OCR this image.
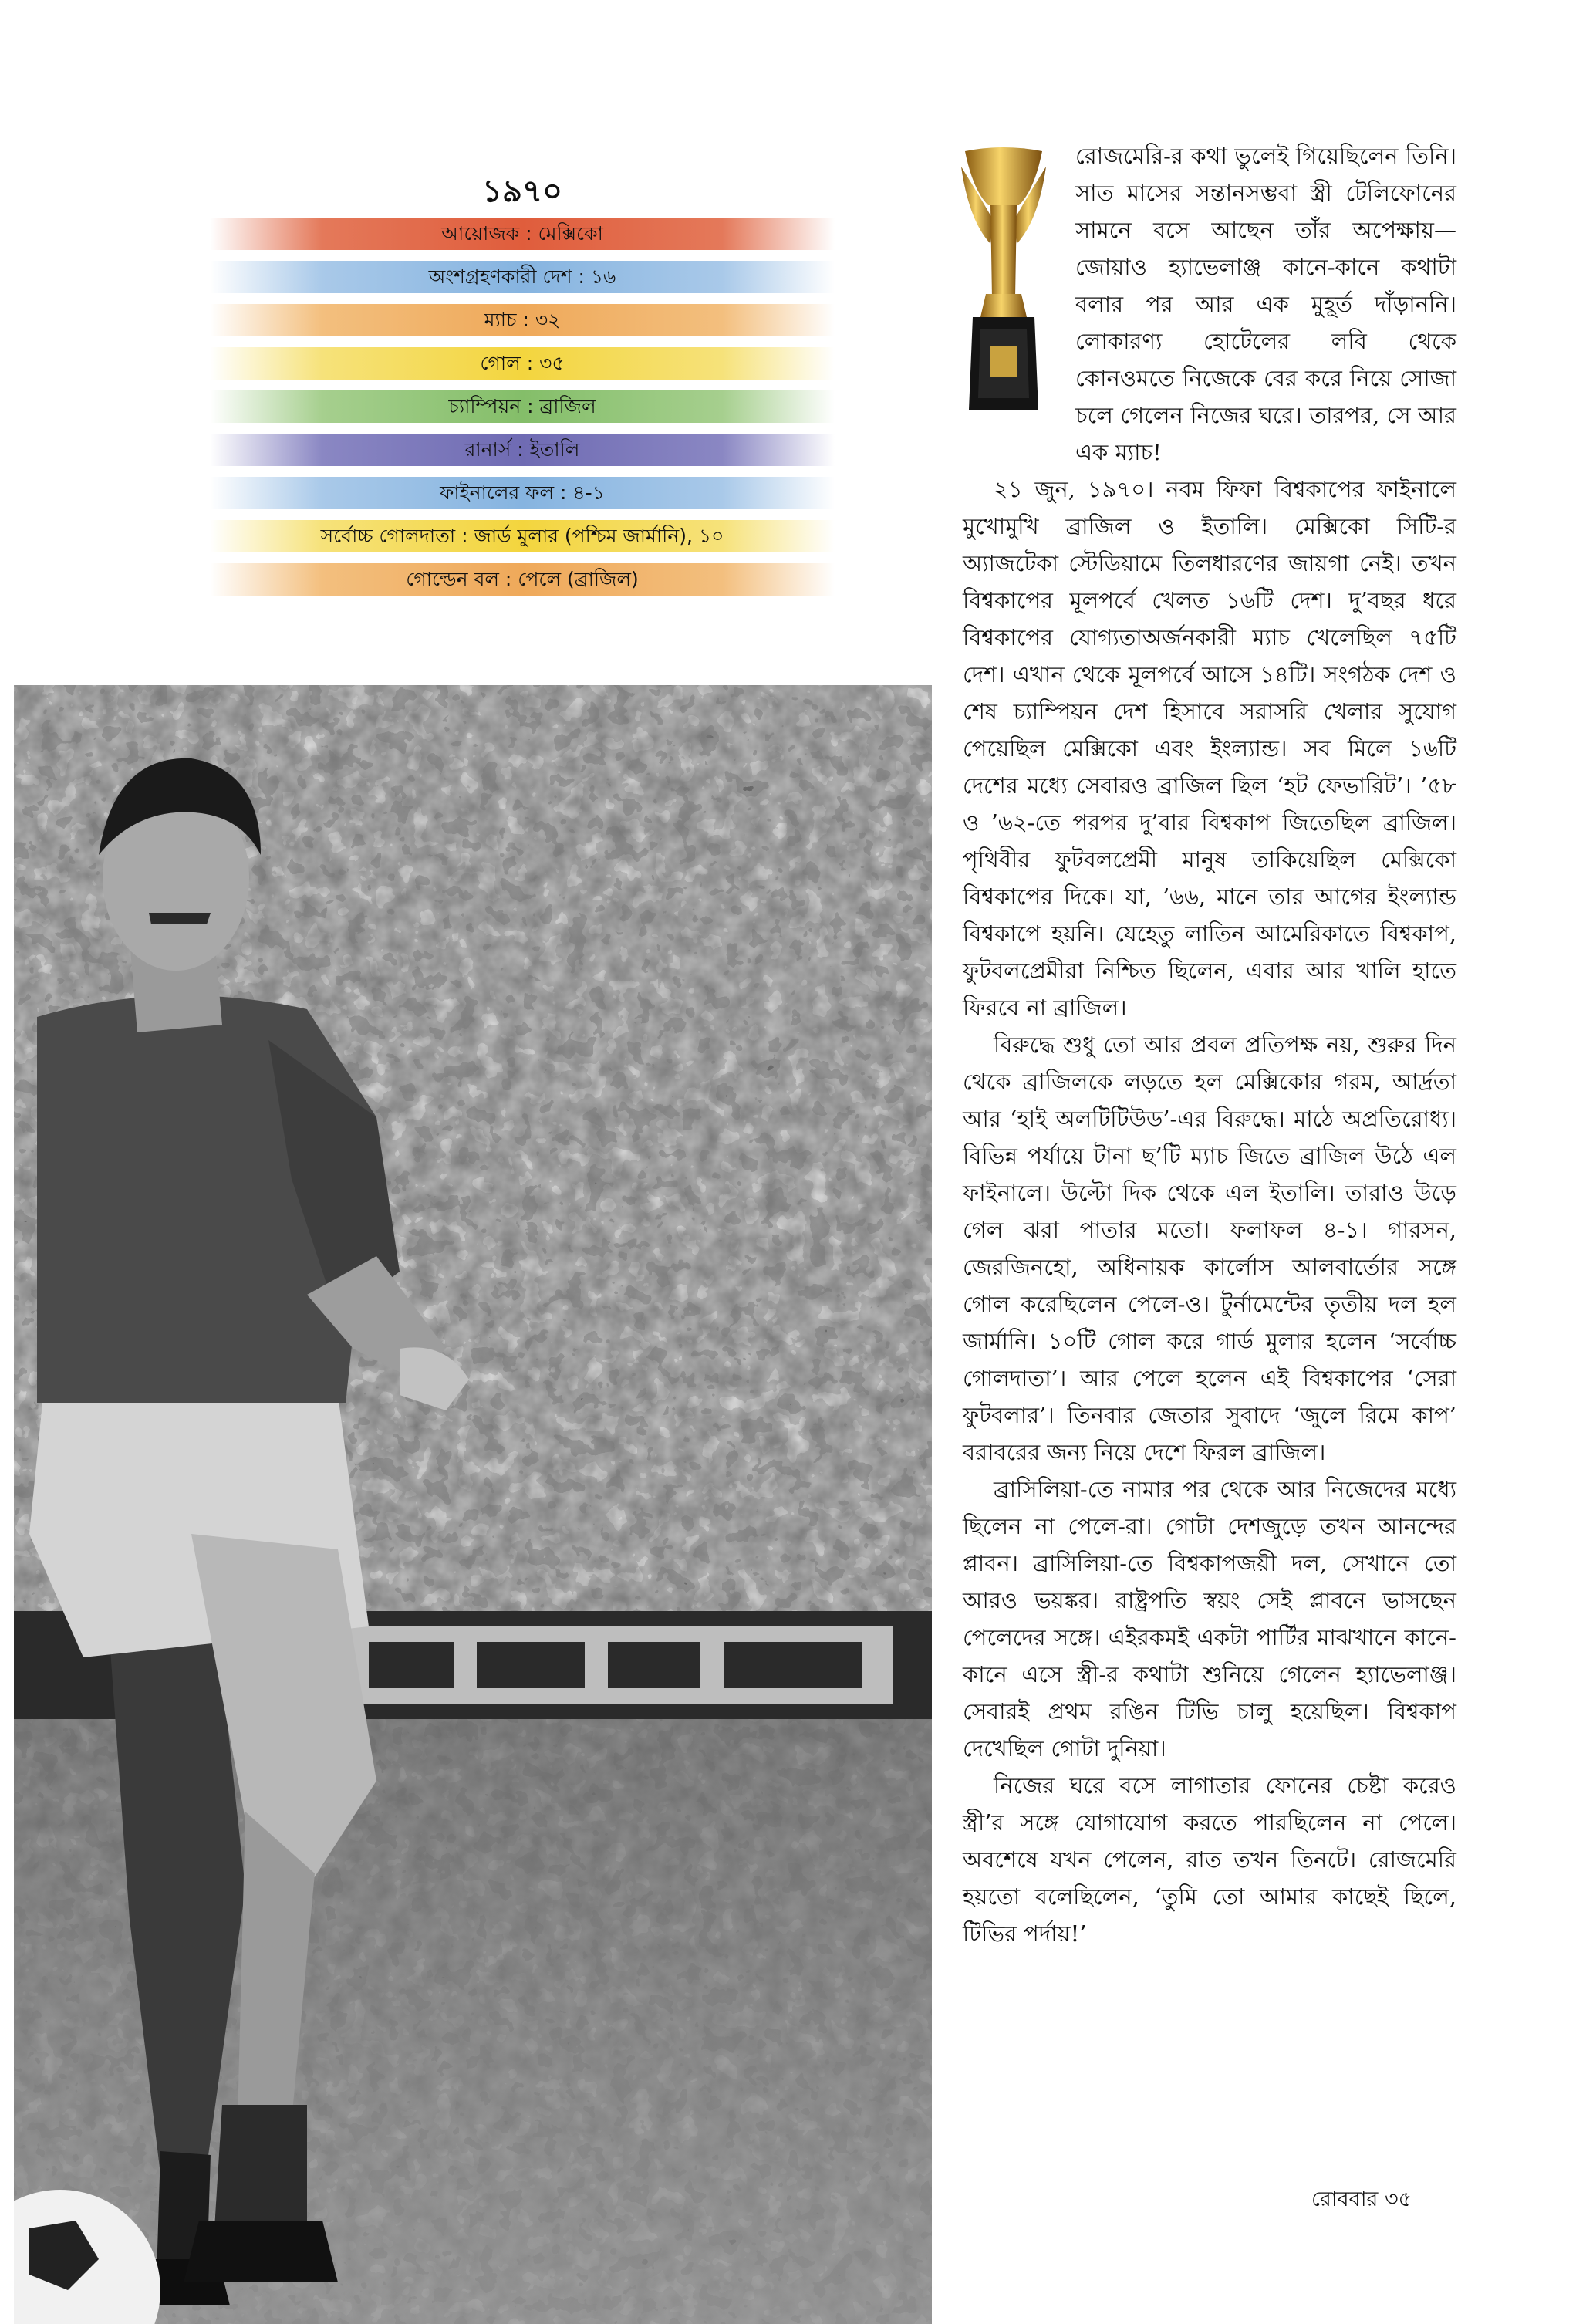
১৯৭০
আয়োজক : মেক্সিকো
অংশগ্রহণকারী দেশ : ১৬
ম্যাচ : ৩২
গোল : ৩৫
চ্যাম্পিয়ন : ব্রাজিল
রানার্স : ইতালি
ফাইনালের ফল : ৪-১
সর্বোচ্চ গোলদাতা : জার্ড মুলার (পশ্চিম জার্মানি), ১০
গোল্ডেন বল : পেলে (ব্রাজিল)

রোজমেরি-র কথা ভুলেই গিয়েছিলেন তিনি। সাত মাসের সন্তানসম্ভবা স্ত্রী টেলিফোনের সামনে বসে আছেন তাঁর অপেক্ষায়—জোয়াও হ্যাভেলাঞ্জ কানে-কানে কথাটা বলার পর আর এক মুহূর্ত দাঁড়াননি। লোকারণ্য হোটেলের লবি থেকে কোনওমতে নিজেকে বের করে নিয়ে সোজা চলে গেলেন নিজের ঘরে। তারপর, সে আর এক ম্যাচ!

২১ জুন, ১৯৭০। নবম ফিফা বিশ্বকাপের ফাইনালে মুখোমুখি ব্রাজিল ও ইতালি। মেক্সিকো সিটি-র অ্যাজটেকা স্টেডিয়ামে তিলধারণের জায়গা নেই। তখন বিশ্বকাপের মূলপর্বে খেলত ১৬টি দেশ। দু’বছর ধরে বিশ্বকাপের যোগ্যতাঅর্জনকারী ম্যাচ খেলেছিল ৭৫টি দেশ। এখান থেকে মূলপর্বে আসে ১৪টি। সংগঠক দেশ ও শেষ চ্যাম্পিয়ন দেশ হিসাবে সরাসরি খেলার সুযোগ পেয়েছিল মেক্সিকো এবং ইংল্যান্ড। সব মিলে ১৬টি দেশের মধ্যে সেবারও ব্রাজিল ছিল ‘হট ফেভারিট’। ’৫৮ ও ’৬২-তে পরপর দু’বার বিশ্বকাপ জিতেছিল ব্রাজিল। পৃথিবীর ফুটবলপ্রেমী মানুষ তাকিয়েছিল মেক্সিকো বিশ্বকাপের দিকে। যা, ’৬৬, মানে তার আগের ইংল্যান্ড বিশ্বকাপে হয়নি। যেহেতু লাতিন আমেরিকাতে বিশ্বকাপ, ফুটবলপ্রেমীরা নিশ্চিত ছিলেন, এবার আর খালি হাতে ফিরবে না ব্রাজিল।

বিরুদ্ধে শুধু তো আর প্রবল প্রতিপক্ষ নয়, শুরুর দিন থেকে ব্রাজিলকে লড়তে হল মেক্সিকোর গরম, আর্দ্রতা আর ‘হাই অলটিটিউড’-এর বিরুদ্ধে। মাঠে অপ্রতিরোধ্য। বিভিন্ন পর্যায়ে টানা ছ’টি ম্যাচ জিতে ব্রাজিল উঠে এল ফাইনালে। উল্টো দিক থেকে এল ইতালি। তারাও উড়ে গেল ঝরা পাতার মতো। ফলাফল ৪-১। গারসন, জেরজিনহো, অধিনায়ক কার্লোস আলবার্তোর সঙ্গে গোল করেছিলেন পেলে-ও। টুর্নামেন্টের তৃতীয় দল হল জার্মানি। ১০টি গোল করে গার্ড মুলার হলেন ‘সর্বোচ্চ গোলদাতা’। আর পেলে হলেন এই বিশ্বকাপের ‘সেরা ফুটবলার’। তিনবার জেতার সুবাদে ‘জুলে রিমে কাপ’ বরাবরের জন্য নিয়ে দেশে ফিরল ব্রাজিল।

ব্রাসিলিয়া-তে নামার পর থেকে আর নিজেদের মধ্যে ছিলেন না পেলে-রা। গোটা দেশজুড়ে তখন আনন্দের প্লাবন। ব্রাসিলিয়া-তে বিশ্বকাপজয়ী দল, সেখানে তো আরও ভয়ঙ্কর। রাষ্ট্রপতি স্বয়ং সেই প্লাবনে ভাসছেন পেলেদের সঙ্গে। এইরকমই একটা পার্টির মাঝখানে কানে-কানে এসে স্ত্রী-র কথাটা শুনিয়ে গেলেন হ্যাভেলাঞ্জ। সেবারই প্রথম রঙিন টিভি চালু হয়েছিল। বিশ্বকাপ দেখেছিল গোটা দুনিয়া।

নিজের ঘরে বসে লাগাতার ফোনের চেষ্টা করেও স্ত্রী’র সঙ্গে যোগাযোগ করতে পারছিলেন না পেলে। অবশেষে যখন পেলেন, রাত তখন তিনটে। রোজমেরি হয়তো বলেছিলেন, ‘তুমি তো আমার কাছেই ছিলে, টিভির পর্দায়!’

রোববার ৩৫
